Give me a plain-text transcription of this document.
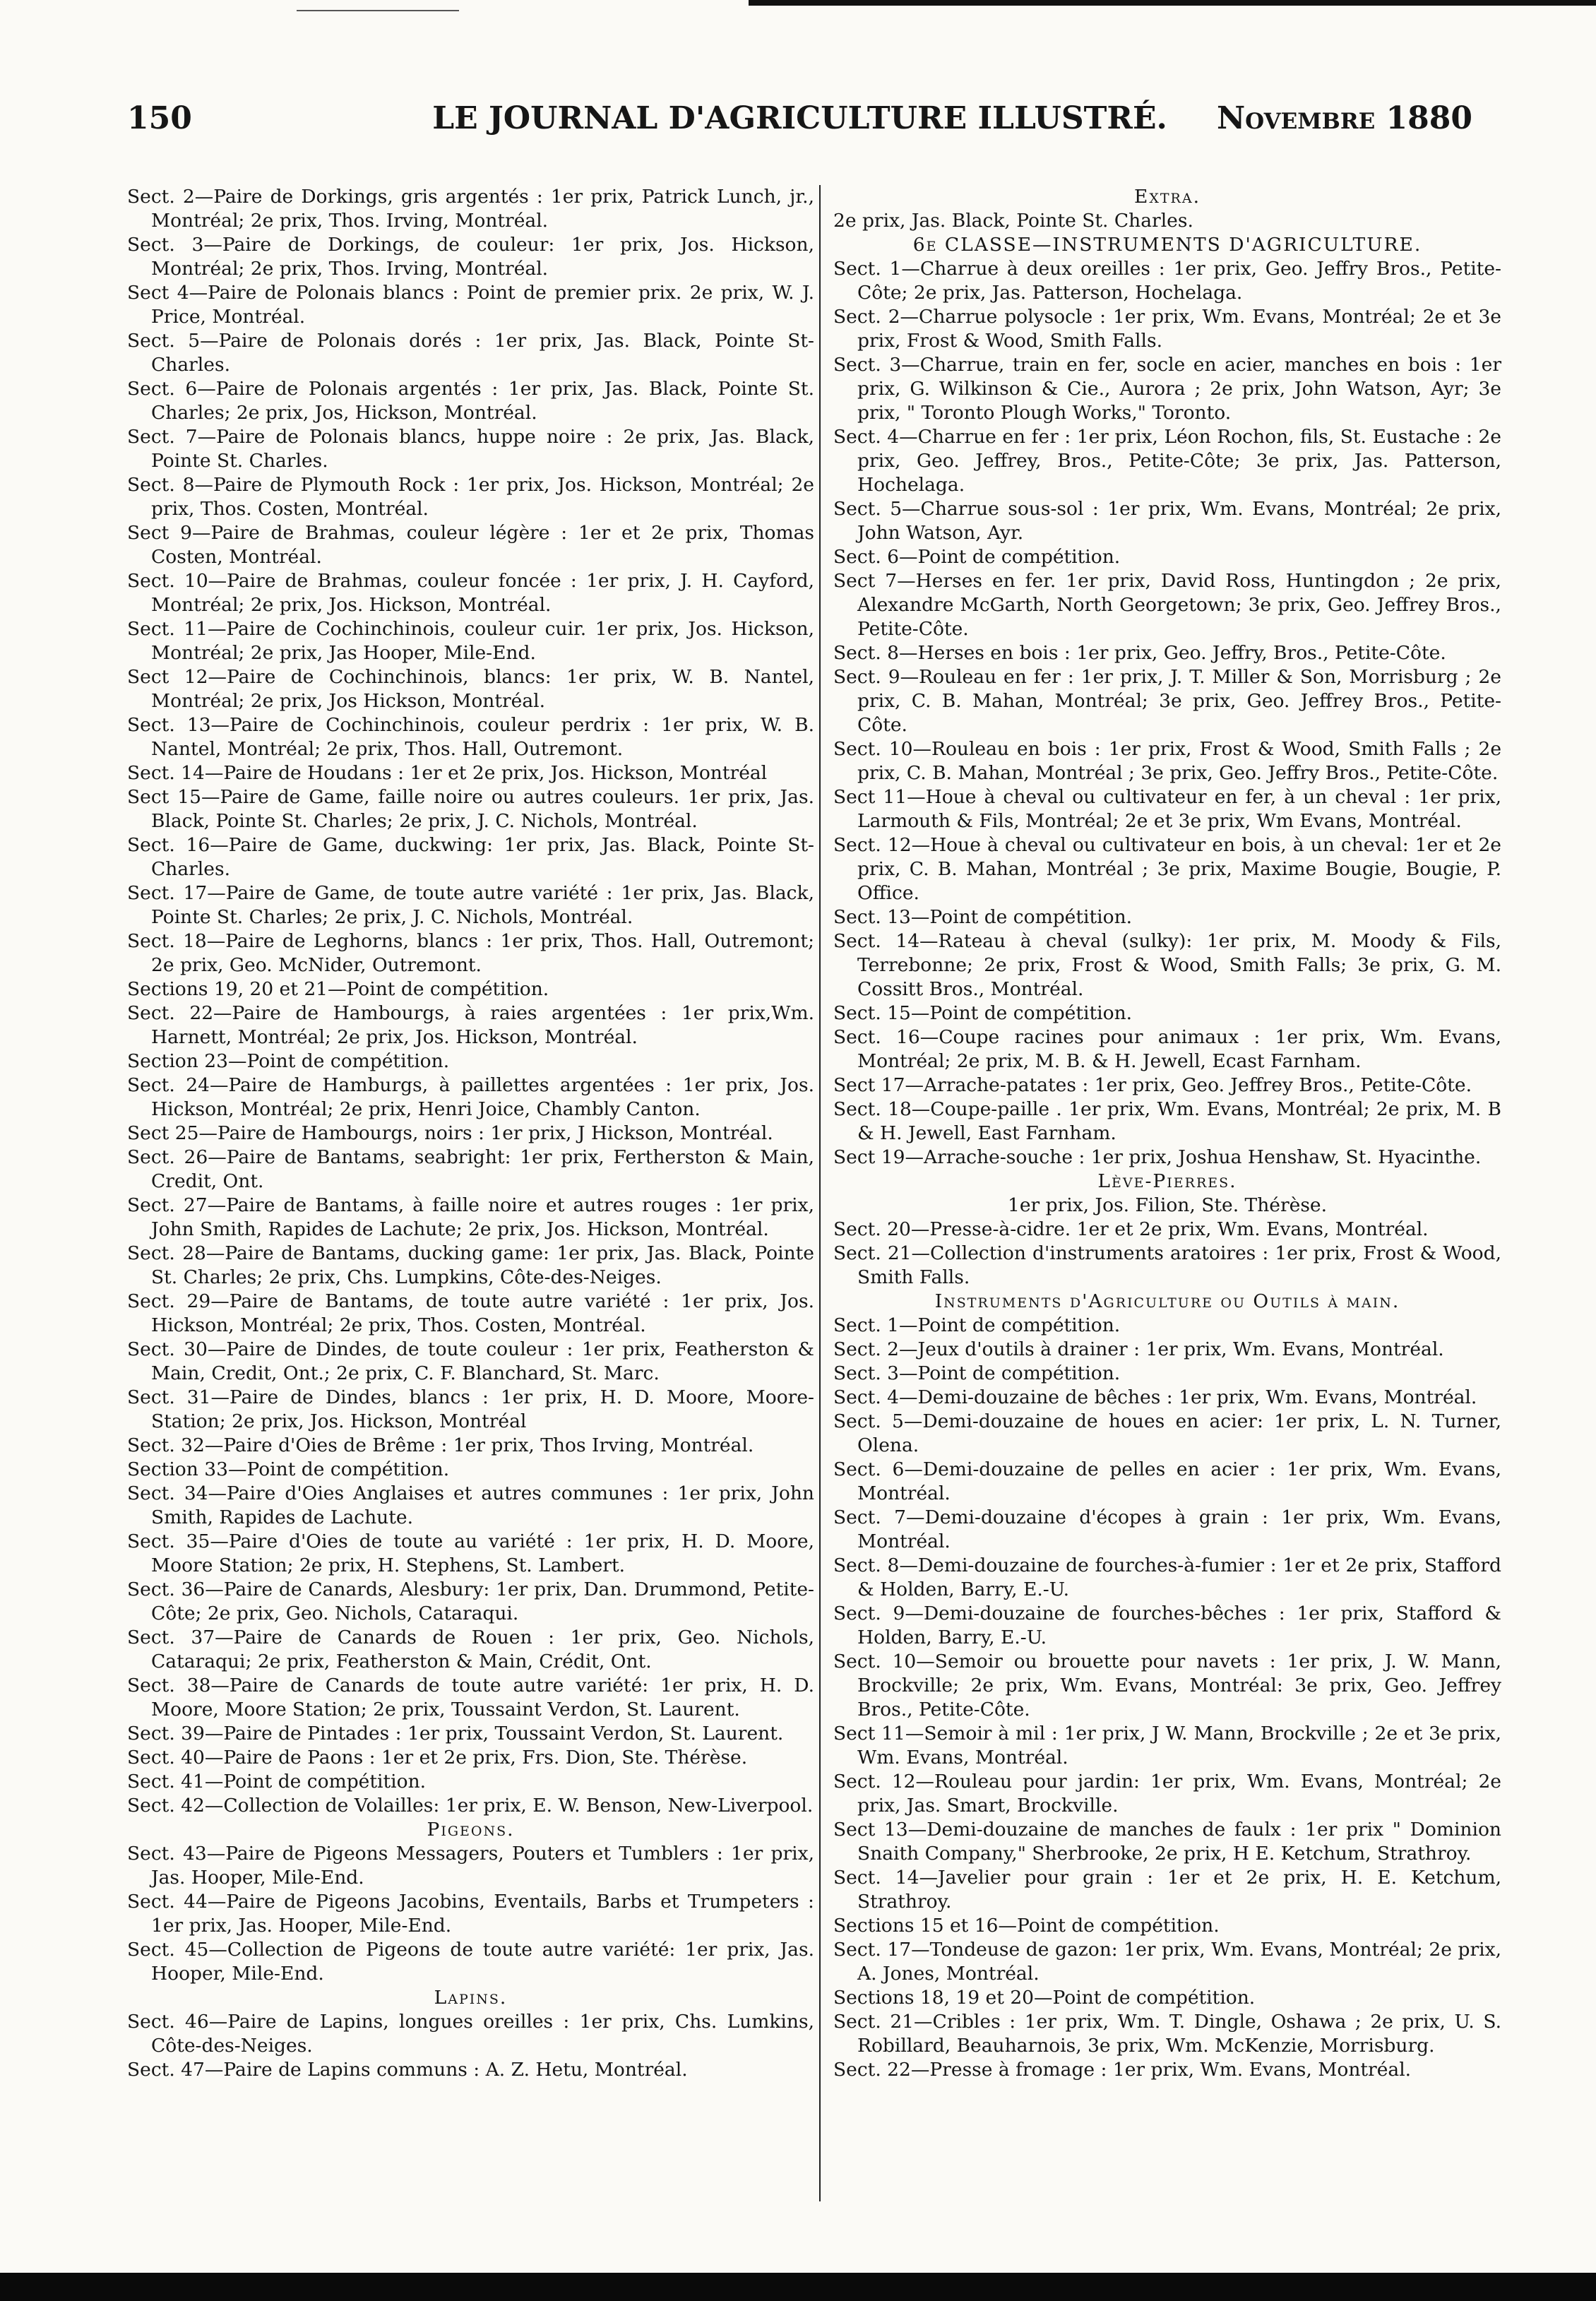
150	LE JOURNAL D'AGRICULTURE ILLUSTRÉ.	Novembre 1880

Sect. 2—Paire de Dorkings, gris argentés : 1er prix, Patrick Lunch, jr., Montréal; 2e prix, Thos. Irving, Montréal.

Sect. 3—Paire de Dorkings, de couleur: 1er prix, Jos. Hickson, Montréal; 2e prix, Thos. Irving, Montréal.

Sect 4—Paire de Polonais blancs : Point de premier prix. 2e prix, W. J. Price, Montréal.

Sect. 5—Paire de Polonais dorés : 1er prix, Jas. Black, Pointe St-Charles.

Sect. 6—Paire de Polonais argentés : 1er prix, Jas. Black, Pointe St. Charles; 2e prix, Jos, Hickson, Montréal.

Sect. 7—Paire de Polonais blancs, huppe noire : 2e prix, Jas. Black, Pointe St. Charles.

Sect. 8—Paire de Plymouth Rock : 1er prix, Jos. Hickson, Montréal; 2e prix, Thos. Costen, Montréal.

Sect 9—Paire de Brahmas, couleur légère : 1er et 2e prix, Thomas Costen, Montréal.

Sect. 10—Paire de Brahmas, couleur foncée : 1er prix, J. H. Cayford, Montréal; 2e prix, Jos. Hickson, Montréal.

Sect. 11—Paire de Cochinchinois, couleur cuir. 1er prix, Jos. Hickson, Montréal; 2e prix, Jas Hooper, Mile-End.

Sect 12—Paire de Cochinchinois, blancs: 1er prix, W. B. Nantel, Montréal; 2e prix, Jos Hickson, Montréal.

Sect. 13—Paire de Cochinchinois, couleur perdrix : 1er prix, W. B. Nantel, Montréal; 2e prix, Thos. Hall, Outremont.

Sect. 14—Paire de Houdans : 1er et 2e prix, Jos. Hickson, Montréal

Sect 15—Paire de Game, faille noire ou autres couleurs. 1er prix, Jas. Black, Pointe St. Charles; 2e prix, J. C. Nichols, Montréal.

Sect. 16—Paire de Game, duckwing: 1er prix, Jas. Black, Pointe St-Charles.

Sect. 17—Paire de Game, de toute autre variété : 1er prix, Jas. Black, Pointe St. Charles; 2e prix, J. C. Nichols, Montréal.

Sect. 18—Paire de Leghorns, blancs : 1er prix, Thos. Hall, Outremont; 2e prix, Geo. McNider, Outremont.

Sections 19, 20 et 21—Point de compétition.

Sect. 22—Paire de Hambourgs, à raies argentées : 1er prix,Wm. Harnett, Montréal; 2e prix, Jos. Hickson, Montréal.

Section 23—Point de compétition.

Sect. 24—Paire de Hamburgs, à paillettes argentées : 1er prix, Jos. Hickson, Montréal; 2e prix, Henri Joice, Chambly Canton.

Sect 25—Paire de Hambourgs, noirs : 1er prix, J Hickson, Montréal.

Sect. 26—Paire de Bantams, seabright: 1er prix, Fertherston & Main, Credit, Ont.

Sect. 27—Paire de Bantams, à faille noire et autres rouges : 1er prix, John Smith, Rapides de Lachute; 2e prix, Jos. Hickson, Montréal.

Sect. 28—Paire de Bantams, ducking game: 1er prix, Jas. Black, Pointe St. Charles; 2e prix, Chs. Lumpkins, Côte-des-Neiges.

Sect. 29—Paire de Bantams, de toute autre variété : 1er prix, Jos. Hickson, Montréal; 2e prix, Thos. Costen, Montréal.

Sect. 30—Paire de Dindes, de toute couleur : 1er prix, Featherston & Main, Credit, Ont.; 2e prix, C. F. Blanchard, St. Marc.

Sect. 31—Paire de Dindes, blancs : 1er prix, H. D. Moore, Moore-Station; 2e prix, Jos. Hickson, Montréal

Sect. 32—Paire d'Oies de Brême : 1er prix, Thos Irving, Montréal.

Section 33—Point de compétition.

Sect. 34—Paire d'Oies Anglaises et autres communes : 1er prix, John Smith, Rapides de Lachute.

Sect. 35—Paire d'Oies de toute au variété : 1er prix, H. D. Moore, Moore Station; 2e prix, H. Stephens, St. Lambert.

Sect. 36—Paire de Canards, Alesbury: 1er prix, Dan. Drummond, Petite-Côte; 2e prix, Geo. Nichols, Cataraqui.

Sect. 37—Paire de Canards de Rouen : 1er prix, Geo. Nichols, Cataraqui; 2e prix, Featherston & Main, Crédit, Ont.

Sect. 38—Paire de Canards de toute autre variété: 1er prix, H. D. Moore, Moore Station; 2e prix, Toussaint Verdon, St. Laurent.

Sect. 39—Paire de Pintades : 1er prix, Toussaint Verdon, St. Laurent.

Sect. 40—Paire de Paons : 1er et 2e prix, Frs. Dion, Ste. Thérèse.

Sect. 41—Point de compétition.

Sect. 42—Collection de Volailles: 1er prix, E. W. Benson, New-Liverpool.

Pigeons.

Sect. 43—Paire de Pigeons Messagers, Pouters et Tumblers : 1er prix, Jas. Hooper, Mile-End.

Sect. 44—Paire de Pigeons Jacobins, Eventails, Barbs et Trumpeters : 1er prix, Jas. Hooper, Mile-End.

Sect. 45—Collection de Pigeons de toute autre variété: 1er prix, Jas. Hooper, Mile-End.

Lapins.

Sect. 46—Paire de Lapins, longues oreilles : 1er prix, Chs. Lumkins, Côte-des-Neiges.

Sect. 47—Paire de Lapins communs : A. Z. Hetu, Montréal.

Extra.

2e prix, Jas. Black, Pointe St. Charles.

6e CLASSE—INSTRUMENTS D'AGRICULTURE.

Sect. 1—Charrue à deux oreilles : 1er prix, Geo. Jeffry Bros., Petite-Côte; 2e prix, Jas. Patterson, Hochelaga.

Sect. 2—Charrue polysocle : 1er prix, Wm. Evans, Montréal; 2e et 3e prix, Frost & Wood, Smith Falls.

Sect. 3—Charrue, train en fer, socle en acier, manches en bois : 1er prix, G. Wilkinson & Cie., Aurora ; 2e prix, John Watson, Ayr; 3e prix, " Toronto Plough Works," Toronto.

Sect. 4—Charrue en fer : 1er prix, Léon Rochon, fils, St. Eustache : 2e prix, Geo. Jeffrey, Bros., Petite-Côte; 3e prix, Jas. Patterson, Hochelaga.

Sect. 5—Charrue sous-sol : 1er prix, Wm. Evans, Montréal; 2e prix, John Watson, Ayr.

Sect. 6—Point de compétition.

Sect 7—Herses en fer. 1er prix, David Ross, Huntingdon ; 2e prix, Alexandre McGarth, North Georgetown; 3e prix, Geo. Jeffrey Bros., Petite-Côte.

Sect. 8—Herses en bois : 1er prix, Geo. Jeffry, Bros., Petite-Côte.

Sect. 9—Rouleau en fer : 1er prix, J. T. Miller & Son, Morrisburg ; 2e prix, C. B. Mahan, Montréal; 3e prix, Geo. Jeffrey Bros., Petite-Côte.

Sect. 10—Rouleau en bois : 1er prix, Frost & Wood, Smith Falls ; 2e prix, C. B. Mahan, Montréal ; 3e prix, Geo. Jeffry Bros., Petite-Côte.

Sect 11—Houe à cheval ou cultivateur en fer, à un cheval : 1er prix, Larmouth & Fils, Montréal; 2e et 3e prix, Wm Evans, Montréal.

Sect. 12—Houe à cheval ou cultivateur en bois, à un cheval: 1er et 2e prix, C. B. Mahan, Montréal ; 3e prix, Maxime Bougie, Bougie, P. Office.

Sect. 13—Point de compétition.

Sect. 14—Rateau à cheval (sulky): 1er prix, M. Moody & Fils, Terrebonne; 2e prix, Frost & Wood, Smith Falls; 3e prix, G. M. Cossitt Bros., Montréal.

Sect. 15—Point de compétition.

Sect. 16—Coupe racines pour animaux : 1er prix, Wm. Evans, Montréal; 2e prix, M. B. & H. Jewell, Ecast Farnham.

Sect 17—Arrache-patates : 1er prix, Geo. Jeffrey Bros., Petite-Côte.

Sect. 18—Coupe-paille . 1er prix, Wm. Evans, Montréal; 2e prix, M. B & H. Jewell, East Farnham.

Sect 19—Arrache-souche : 1er prix, Joshua Henshaw, St. Hyacinthe.

Lève-Pierres.

1er prix, Jos. Filion, Ste. Thérèse.

Sect. 20—Presse-à-cidre. 1er et 2e prix, Wm. Evans, Montréal.

Sect. 21—Collection d'instruments aratoires : 1er prix, Frost & Wood, Smith Falls.

Instruments d'Agriculture ou Outils à main.

Sect. 1—Point de compétition.

Sect. 2—Jeux d'outils à drainer : 1er prix, Wm. Evans, Montréal.

Sect. 3—Point de compétition.

Sect. 4—Demi-douzaine de bêches : 1er prix, Wm. Evans, Montréal.

Sect. 5—Demi-douzaine de houes en acier: 1er prix, L. N. Turner, Olena.

Sect. 6—Demi-douzaine de pelles en acier : 1er prix, Wm. Evans, Montréal.

Sect. 7—Demi-douzaine d'écopes à grain : 1er prix, Wm. Evans, Montréal.

Sect. 8—Demi-douzaine de fourches-à-fumier : 1er et 2e prix, Stafford & Holden, Barry, E.-U.

Sect. 9—Demi-douzaine de fourches-bêches : 1er prix, Stafford & Holden, Barry, E.-U.

Sect. 10—Semoir ou brouette pour navets : 1er prix, J. W. Mann, Brockville; 2e prix, Wm. Evans, Montréal: 3e prix, Geo. Jeffrey Bros., Petite-Côte.

Sect 11—Semoir à mil : 1er prix, J W. Mann, Brockville ; 2e et 3e prix, Wm. Evans, Montréal.

Sect. 12—Rouleau pour jardin: 1er prix, Wm. Evans, Montréal; 2e prix, Jas. Smart, Brockville.

Sect 13—Demi-douzaine de manches de faulx : 1er prix " Dominion Snaith Company," Sherbrooke, 2e prix, H E. Ketchum, Strathroy.

Sect. 14—Javelier pour grain : 1er et 2e prix, H. E. Ketchum, Strathroy.

Sections 15 et 16—Point de compétition.

Sect. 17—Tondeuse de gazon: 1er prix, Wm. Evans, Montréal; 2e prix, A. Jones, Montréal.

Sections 18, 19 et 20—Point de compétition.

Sect. 21—Cribles : 1er prix, Wm. T. Dingle, Oshawa ; 2e prix, U. S. Robillard, Beauharnois, 3e prix, Wm. McKenzie, Morrisburg.

Sect. 22—Presse à fromage : 1er prix, Wm. Evans, Montréal.
